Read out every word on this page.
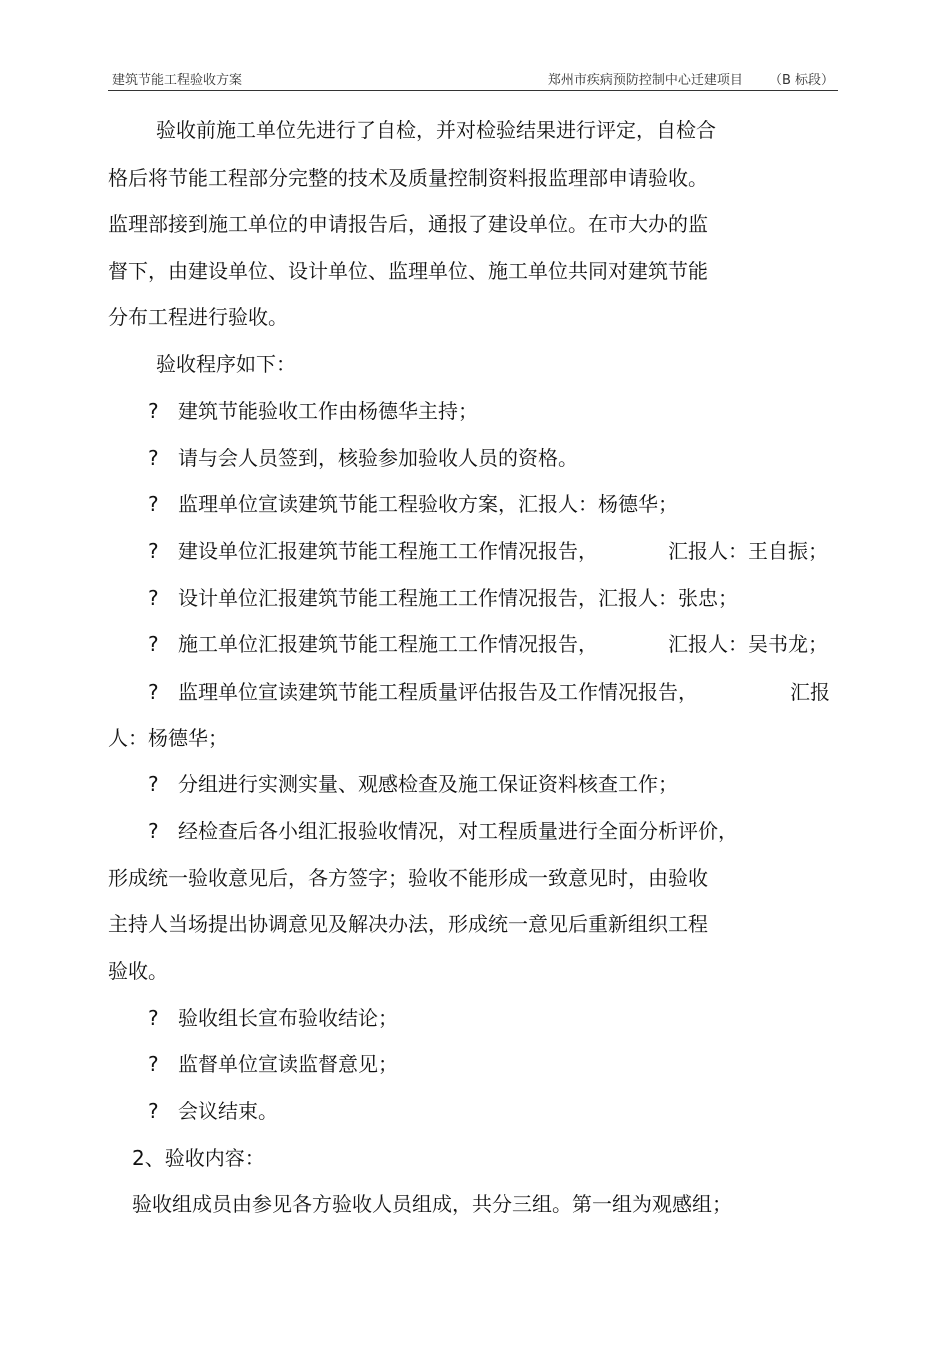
建筑节能工程验收方案	郑州市疾病预防控制中心迁建项目 （B 标段）
验收前施工单位先进行了自检，并对检验结果进行评定，自检合
格后将节能工程部分完整的技术及质量控制资料报监理部申请验收。
监理部接到施工单位的申请报告后，通报了建设单位。在市大办的监
督下，由建设单位、设计单位、监理单位、施工单位共同对建筑节能
分布工程进行验收。
验收程序如下：
? 建筑节能验收工作由杨德华主持；
? 请与会人员签到，核验参加验收人员的资格。
? 监理单位宣读建筑节能工程验收方案，汇报人：杨德华；
? 建设单位汇报建筑节能工程施工工作情况报告，	汇报人：王自振；
? 设计单位汇报建筑节能工程施工工作情况报告，汇报人：张忠；
? 施工单位汇报建筑节能工程施工工作情况报告，	汇报人：吴书龙；
? 监理单位宣读建筑节能工程质量评估报告及工作情况报告，	汇报
人：杨德华；
? 分组进行实测实量、观感检查及施工保证资料核查工作；
? 经检查后各小组汇报验收情况，对工程质量进行全面分析评价，
形成统一验收意见后，各方签字；验收不能形成一致意见时，由验收
主持人当场提出协调意见及解决办法，形成统一意见后重新组织工程
验收。
? 验收组长宣布验收结论；
? 监督单位宣读监督意见；
? 会议结束。
2、验收内容：
验收组成员由参见各方验收人员组成，共分三组。第一组为观感组；
